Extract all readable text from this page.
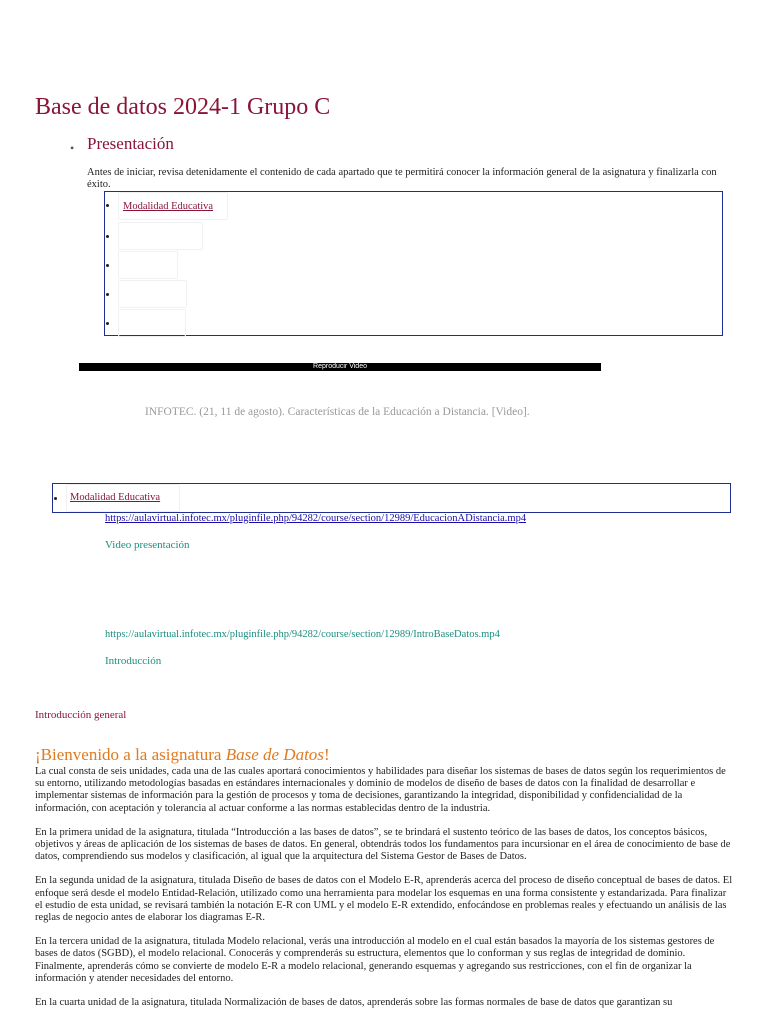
Base de datos 2024-1 Grupo C
• Presentación
Antes de iniciar, revisa detenidamente el contenido de cada apartado que te permitirá conocer la información general de la asignatura y finalizarla con éxito.
Modalidad Educativa
Reproducir Video
INFOTEC. (21, 11 de agosto). Características de la Educación a Distancia. [Video].
Modalidad Educativa
https://aulavirtual.infotec.mx/pluginfile.php/94282/course/section/12989/EducacionADistancia.mp4
Video presentación
https://aulavirtual.infotec.mx/pluginfile.php/94282/course/section/12989/IntroBaseDatos.mp4
Introducción
Introducción general
¡Bienvenido a la asignatura Base de Datos!

La cual consta de seis unidades, cada una de las cuales aportará conocimientos y habilidades para diseñar los sistemas de bases de datos según los requerimientos de su entorno, utilizando metodologías basadas en estándares internacionales y dominio de modelos de diseño de bases de datos con la finalidad de desarrollar e implementar sistemas de información para la gestión de procesos y toma de decisiones, garantizando la integridad, disponibilidad y confidencialidad de la información, con aceptación y tolerancia al actuar conforme a las normas establecidas dentro de la industria.

En la primera unidad de la asignatura, titulada “Introducción a las bases de datos”, se te brindará el sustento teórico de las bases de datos, los conceptos básicos, objetivos y áreas de aplicación de los sistemas de bases de datos. En general, obtendrás todos los fundamentos para incursionar en el área de conocimiento de base de datos, comprendiendo sus modelos y clasificación, al igual que la arquitectura del Sistema Gestor de Bases de Datos.

En la segunda unidad de la asignatura, titulada Diseño de bases de datos con el Modelo E-R, aprenderás acerca del proceso de diseño conceptual de bases de datos. El enfoque será desde el modelo Entidad-Relación, utilizado como una herramienta para modelar los esquemas en una forma consistente y estandarizada. Para finalizar el estudio de esta unidad, se revisará también la notación E-R con UML y el modelo E-R extendido, enfocándose en problemas reales y efectuando un análisis de las reglas de negocio antes de elaborar los diagramas E-R.

En la tercera unidad de la asignatura, titulada Modelo relacional, verás una introducción al modelo en el cual están basados la mayoría de los sistemas gestores de bases de datos (SGBD), el modelo relacional. Conocerás y comprenderás su estructura, elementos que lo conforman y sus reglas de integridad de dominio. Finalmente, aprenderás cómo se convierte de modelo E-R a modelo relacional, generando esquemas y agregando sus restricciones, con el fin de organizar la información y atender necesidades del entorno.

En la cuarta unidad de la asignatura, titulada Normalización de bases de datos, aprenderás sobre las formas normales de base de datos que garantizan su
